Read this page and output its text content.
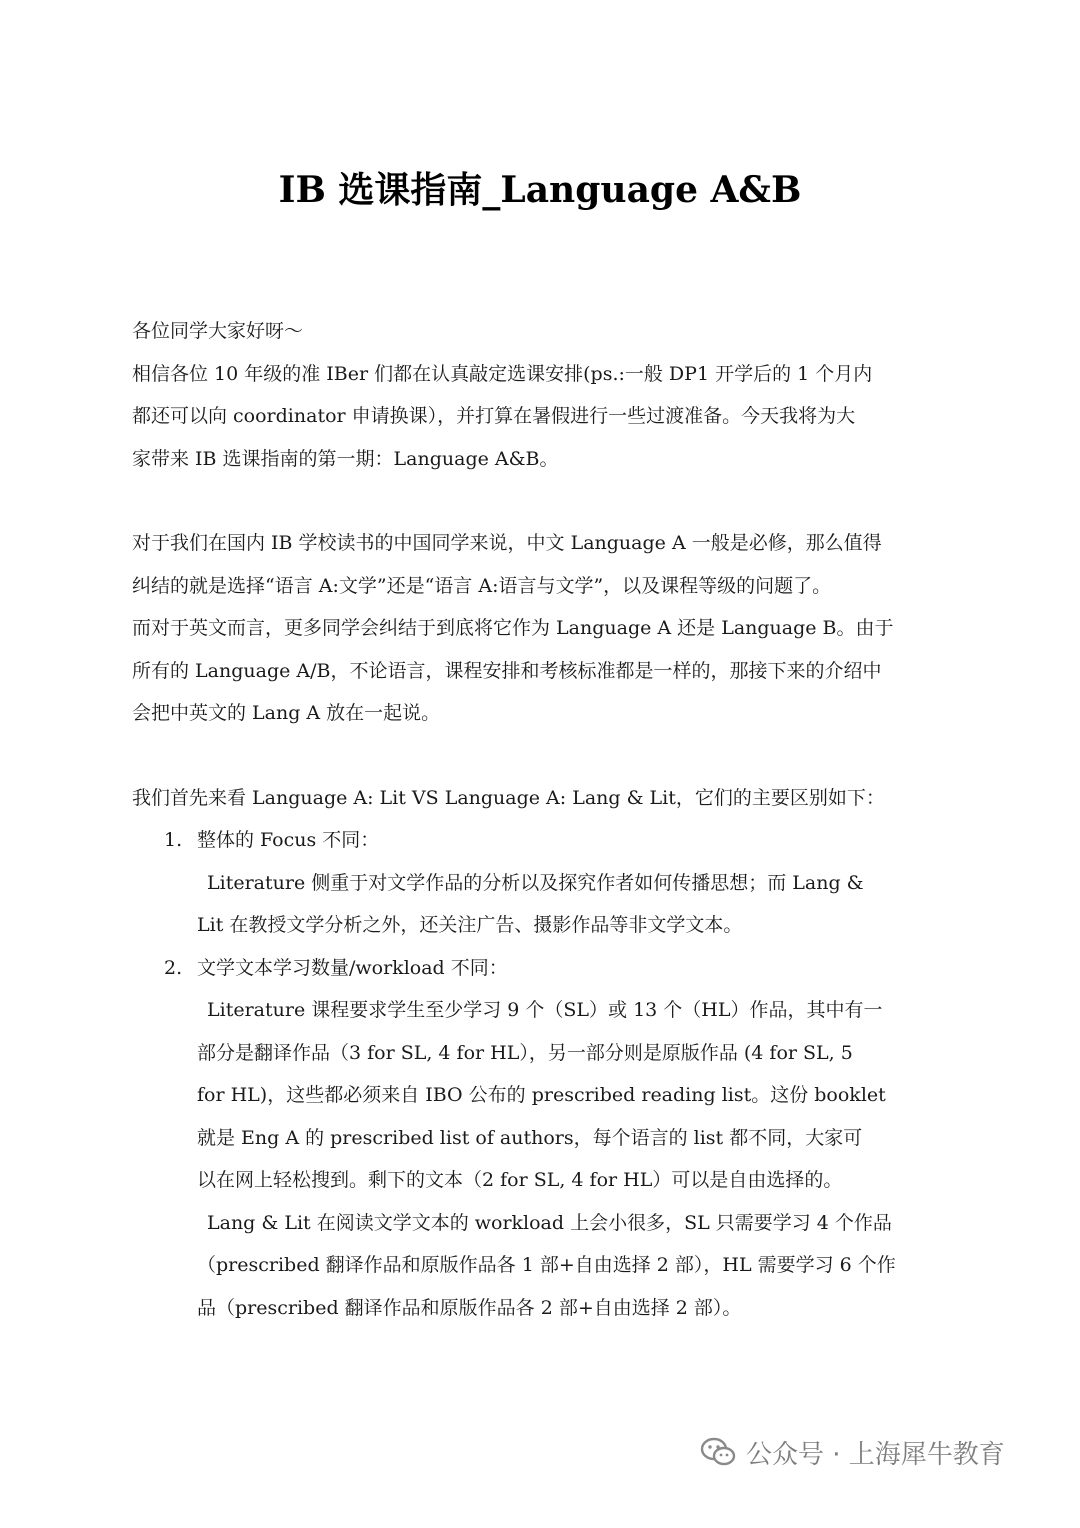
IB 选课指南_Language A&B

各位同学大家好呀～

相信各位 10 年级的准 IBer 们都在认真敲定选课安排(ps.:一般 DP1 开学后的 1 个月内

都还可以向 coordinator 申请换课），并打算在暑假进行一些过渡准备。今天我将为大

家带来 IB 选课指南的第一期：Language A&B。

对于我们在国内 IB 学校读书的中国同学来说，中文 Language A 一般是必修，那么值得

纠结的就是选择“语言 A:文学”还是“语言 A:语言与文学”，以及课程等级的问题了。

而对于英文而言，更多同学会纠结于到底将它作为 Language A 还是 Language B。由于

所有的 Language A/B，不论语言，课程安排和考核标准都是一样的，那接下来的介绍中

会把中英文的 Lang A 放在一起说。

我们首先来看 Language A: Lit VS Language A: Lang & Lit，它们的主要区别如下：

1. 整体的 Focus 不同：

Literature 侧重于对文学作品的分析以及探究作者如何传播思想；而 Lang &

Lit 在教授文学分析之外，还关注广告、摄影作品等非文学文本。

2. 文学文本学习数量/workload 不同：

Literature 课程要求学生至少学习 9 个（SL）或 13 个（HL）作品，其中有一

部分是翻译作品（3 for SL, 4 for HL），另一部分则是原版作品 (4 for SL, 5

for HL)，这些都必须来自 IBO 公布的 prescribed reading list。这份 booklet

就是 Eng A 的 prescribed list of authors，每个语言的 list 都不同，大家可

以在网上轻松搜到。剩下的文本（2 for SL, 4 for HL）可以是自由选择的。

Lang & Lit 在阅读文学文本的 workload 上会小很多，SL 只需要学习 4 个作品

（prescribed 翻译作品和原版作品各 1 部+自由选择 2 部），HL 需要学习 6 个作

品（prescribed 翻译作品和原版作品各 2 部+自由选择 2 部）。

公众号 · 上海犀牛教育
